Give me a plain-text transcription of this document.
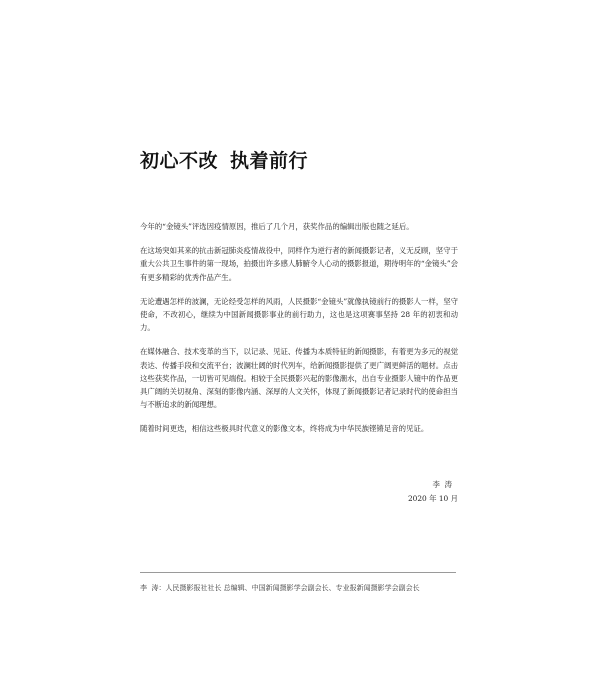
初心不改 执着前行

今年的“金镜头”评选因疫情原因，推后了几个月，获奖作品的编辑出版也随之延后。

在这场突如其来的抗击新冠肺炎疫情战役中，同样作为逆行者的新闻摄影记者，义无反顾，坚守于重大公共卫生事件的第一现场，拍摄出许多感人肺腑令人心动的摄影报道，期待明年的“金镜头”会有更多精彩的优秀作品产生。

无论遭遇怎样的波澜，无论经受怎样的风雨，人民摄影“金镜头”就像执镜前行的摄影人一样，坚守使命，不改初心，继续为中国新闻摄影事业的前行助力，这也是这项赛事坚持 28 年的初衷和动力。

在媒体融合、技术变革的当下，以记录、见证、传播为本质特征的新闻摄影，有着更为多元的视觉表达、传播手段和交流平台；波澜壮阔的时代列车，给新闻摄影提供了更广阔更鲜活的题材。点击这些获奖作品，一切皆可见端倪。相较于全民摄影兴起的影像潮水，出自专业摄影人镜中的作品更具广阔的关切视角、深刻的影像内涵、深厚的人文关怀，体现了新闻摄影记者记录时代的使命担当与不断追求的新闻理想。

随着时间更迭，相信这些极具时代意义的影像文本，终将成为中华民族铿锵足音的见证。

李  涛
2020 年 10 月
李  涛：人民摄影报社社长 总编辑、中国新闻摄影学会副会长、专业报新闻摄影学会副会长
